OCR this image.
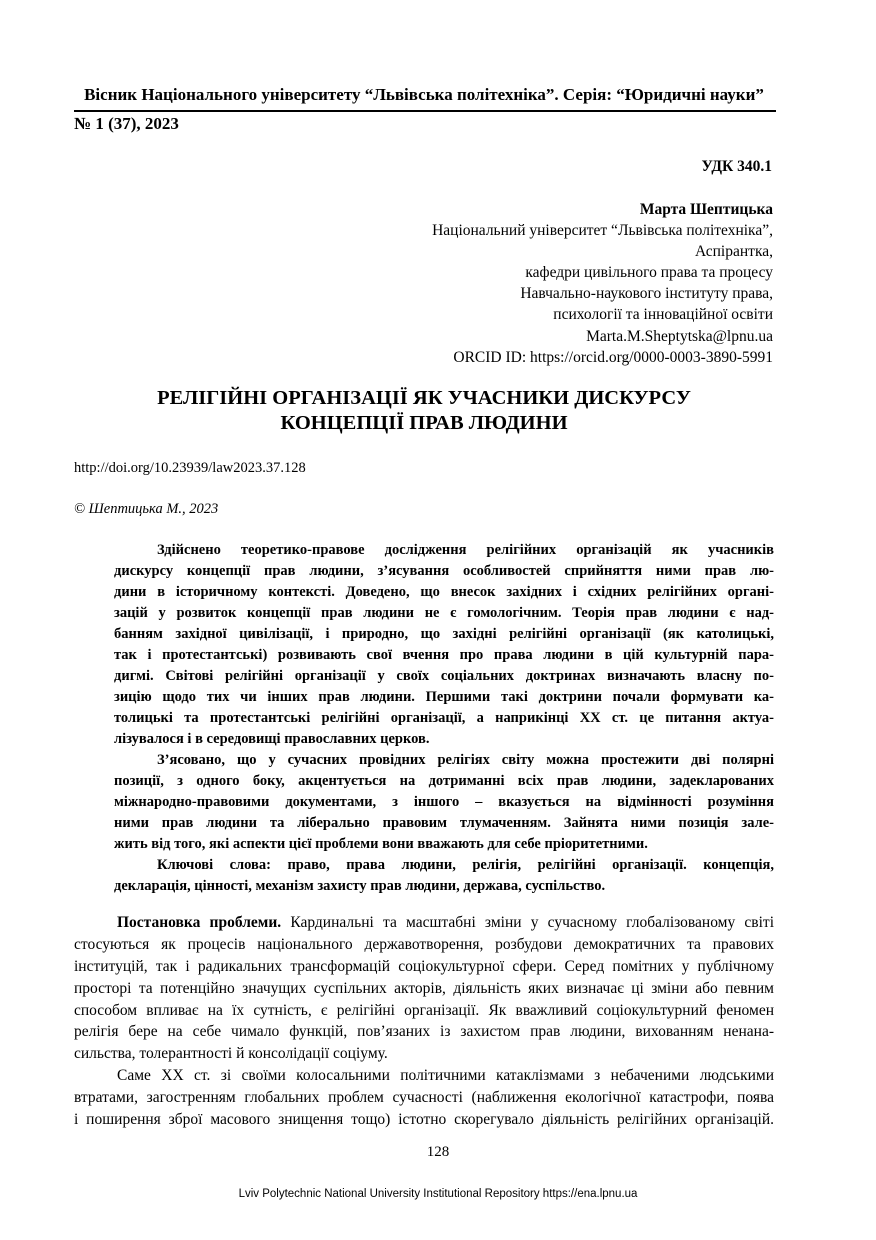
Вісник Національного університету “Львівська політехніка”. Серія: “Юридичні науки”
№ 1 (37), 2023
УДК 340.1
Марта Шептицька
Національний університет “Львівська політехніка”,
Аспірантка,
кафедри цивільного права та процесу
Навчально-наукового інституту права,
психології та інноваційної освіти
Marta.M.Sheptytska@lpnu.ua
ORCID ID: https://orcid.org/0000-0003-3890-5991
РЕЛІГІЙНІ ОРГАНІЗАЦІЇ ЯК УЧАСНИКИ ДИСКУРСУ
КОНЦЕПЦІЇ ПРАВ ЛЮДИНИ
http://doi.org/10.23939/law2023.37.128
© Шептицька М., 2023
Здійснено теоретико-правове дослідження релігійних організацій як учасників
дискурсу концепції прав людини, з’ясування особливостей сприйняття ними прав лю-
дини в історичному контексті. Доведено, що внесок західних і східних релігійних органі-
зацій у розвиток концепції прав людини не є гомологічним. Теорія прав людини є над-
банням західної цивілізації, і природно, що західні релігійні організації (як католицькі,
так і протестантські) розвивають свої вчення про права людини в цій культурній пара-
дигмі. Світові релігійні організації у своїх соціальних доктринах визначають власну по-
зицію щодо тих чи інших прав людини. Першими такі доктрини почали формувати ка-
толицькі та протестантські релігійні організації, а наприкінці ХХ ст. це питання актуа-
лізувалося і в середовищі православних церков.
З’ясовано, що у сучасних провідних релігіях світу можна простежити дві полярні
позиції, з одного боку, акцентується на дотриманні всіх прав людини, задекларованих
міжнародно-правовими документами, з іншого – вказується на відмінності розуміння
ними прав людини та ліберально правовим тлумаченням. Зайнята ними позиція зале-
жить від того, які аспекти цієї проблеми вони вважають для себе пріоритетними.
Ключові слова: право, права людини, релігія, релігійні організації. концепція,
декларація, цінності, механізм захисту прав людини, держава, суспільство.
Постановка проблеми. Кардинальні та масштабні зміни у сучасному глобалізованому світі
стосуються як процесів національного державотворення, розбудови демократичних та правових
інституцій, так і радикальних трансформацій соціокультурної сфери. Серед помітних у публічному
просторі та потенційно значущих суспільних акторів, діяльність яких визначає ці зміни або певним
способом впливає на їх сутність, є релігійні організації. Як вважливий соціокультурний феномен
релігія бере на себе чимало функцій, пов’язаних із захистом прав людини, вихованням ненана-
сильства, толерантності й консолідації соціуму.
Саме ХХ ст. зі своїми колосальними політичними катаклізмами з небаченими людськими
втратами, загостренням глобальних проблем сучасності (наближення екологічної катастрофи, поява
і поширення зброї масового знищення тощо) істотно скорегувало діяльність релігійних організацій.
128
Lviv Polytechnic National University Institutional Repository https://ena.lpnu.ua
